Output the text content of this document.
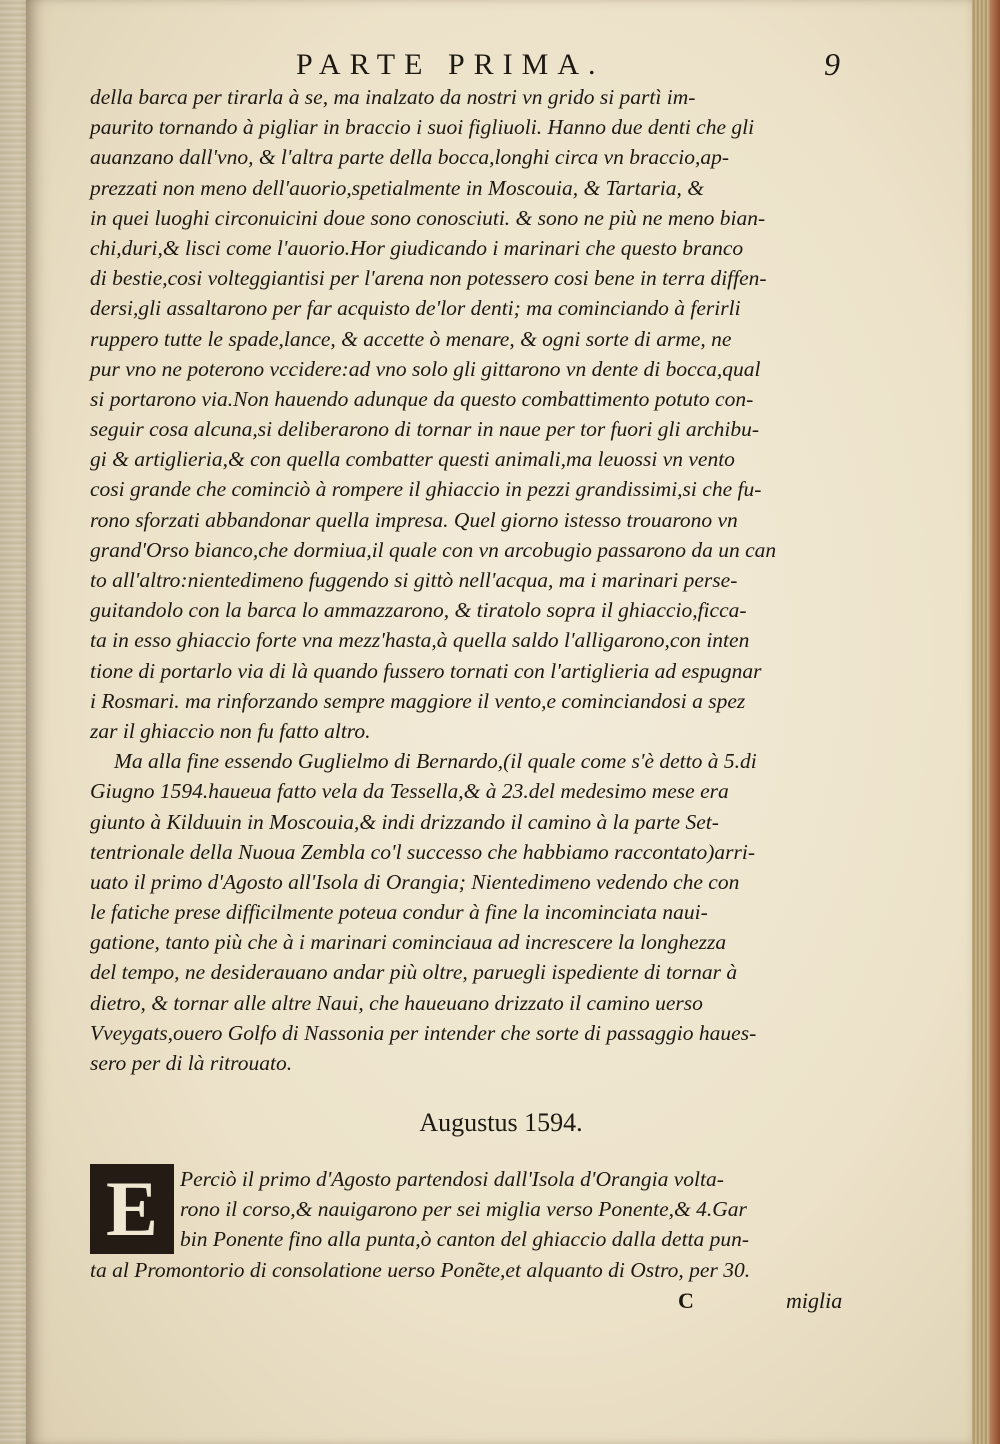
PARTE PRIMA.	9
della barca per tirarla à se, ma inalzato da nostri vn grido si partì im-
paurito tornando à pigliar in braccio i suoi figliuoli. Hanno due denti che gli
auanzano dall'vno, & l'altra parte della bocca,longhi circa vn braccio,ap-
prezzati non meno dell'auorio,spetialmente in Moscouia, & Tartaria, &
in quei luoghi circonuicini doue sono conosciuti. & sono ne più ne meno bian-
chi,duri,& lisci come l'auorio.Hor giudicando i marinari che questo branco
di bestie,cosi volteggiantisi per l'arena non potessero cosi bene in terra diffen-
dersi,gli assaltarono per far acquisto de'lor denti; ma cominciando à ferirli
ruppero tutte le spade,lance, & accette ò menare, & ogni sorte di arme, ne
pur vno ne poterono vccidere:ad vno solo gli gittarono vn dente di bocca,qual
si portarono via.Non hauendo adunque da questo combattimento potuto con-
seguir cosa alcuna,si deliberarono di tornar in naue per tor fuori gli archibu-
gi & artiglieria,& con quella combatter questi animali,ma leuossi vn vento
cosi grande che cominciò à rompere il ghiaccio in pezzi grandissimi,si che fu-
rono sforzati abbandonar quella impresa. Quel giorno istesso trouarono vn
grand'Orso bianco,che dormiua,il quale con vn arcobugio passarono da un can
to all'altro:nientedimeno fuggendo si gittò nell'acqua, ma i marinari perse-
guitandolo con la barca lo ammazzarono, & tiratolo sopra il ghiaccio,ficca-
ta in esso ghiaccio forte vna mezz'hasta,à quella saldo l'alligarono,con inten
tione di portarlo via di là quando fussero tornati con l'artiglieria ad espugnar
i Rosmari. ma rinforzando sempre maggiore il vento,e cominciandosi a spez
zar il ghiaccio non fu fatto altro.
Ma alla fine essendo Guglielmo di Bernardo,(il quale come s'è detto à 5.di
Giugno 1594.haueua fatto vela da Tessella,& à 23.del medesimo mese era
giunto à Kilduuin in Moscouia,& indi drizzando il camino à la parte Set-
tentrionale della Nuoua Zembla co'l successo che habbiamo raccontato)arri-
uato il primo d'Agosto all'Isola di Orangia; Nientedimeno vedendo che con
le fatiche prese difficilmente poteua condur à fine la incominciata naui-
gatione, tanto più che à i marinari cominciaua ad increscere la longhezza
del tempo, ne desiderauano andar più oltre, paruegli ispediente di tornar à
dietro, & tornar alle altre Naui, che haueuano drizzato il camino uerso
Vveygats,ouero Golfo di Nassonia per intender che sorte di passaggio haues-
sero per di là ritrouato.
Augustus 1594.
E	Perciò il primo d'Agosto partendosi dall'Isola d'Orangia volta-
rono il corso,& nauigarono per sei miglia verso Ponente,& 4.Gar
bin Ponente fino alla punta,ò canton del ghiaccio dalla detta pun-
ta al Promontorio di consolatione uerso Ponẽte,et alquanto di Ostro, per 30.
C	miglia
